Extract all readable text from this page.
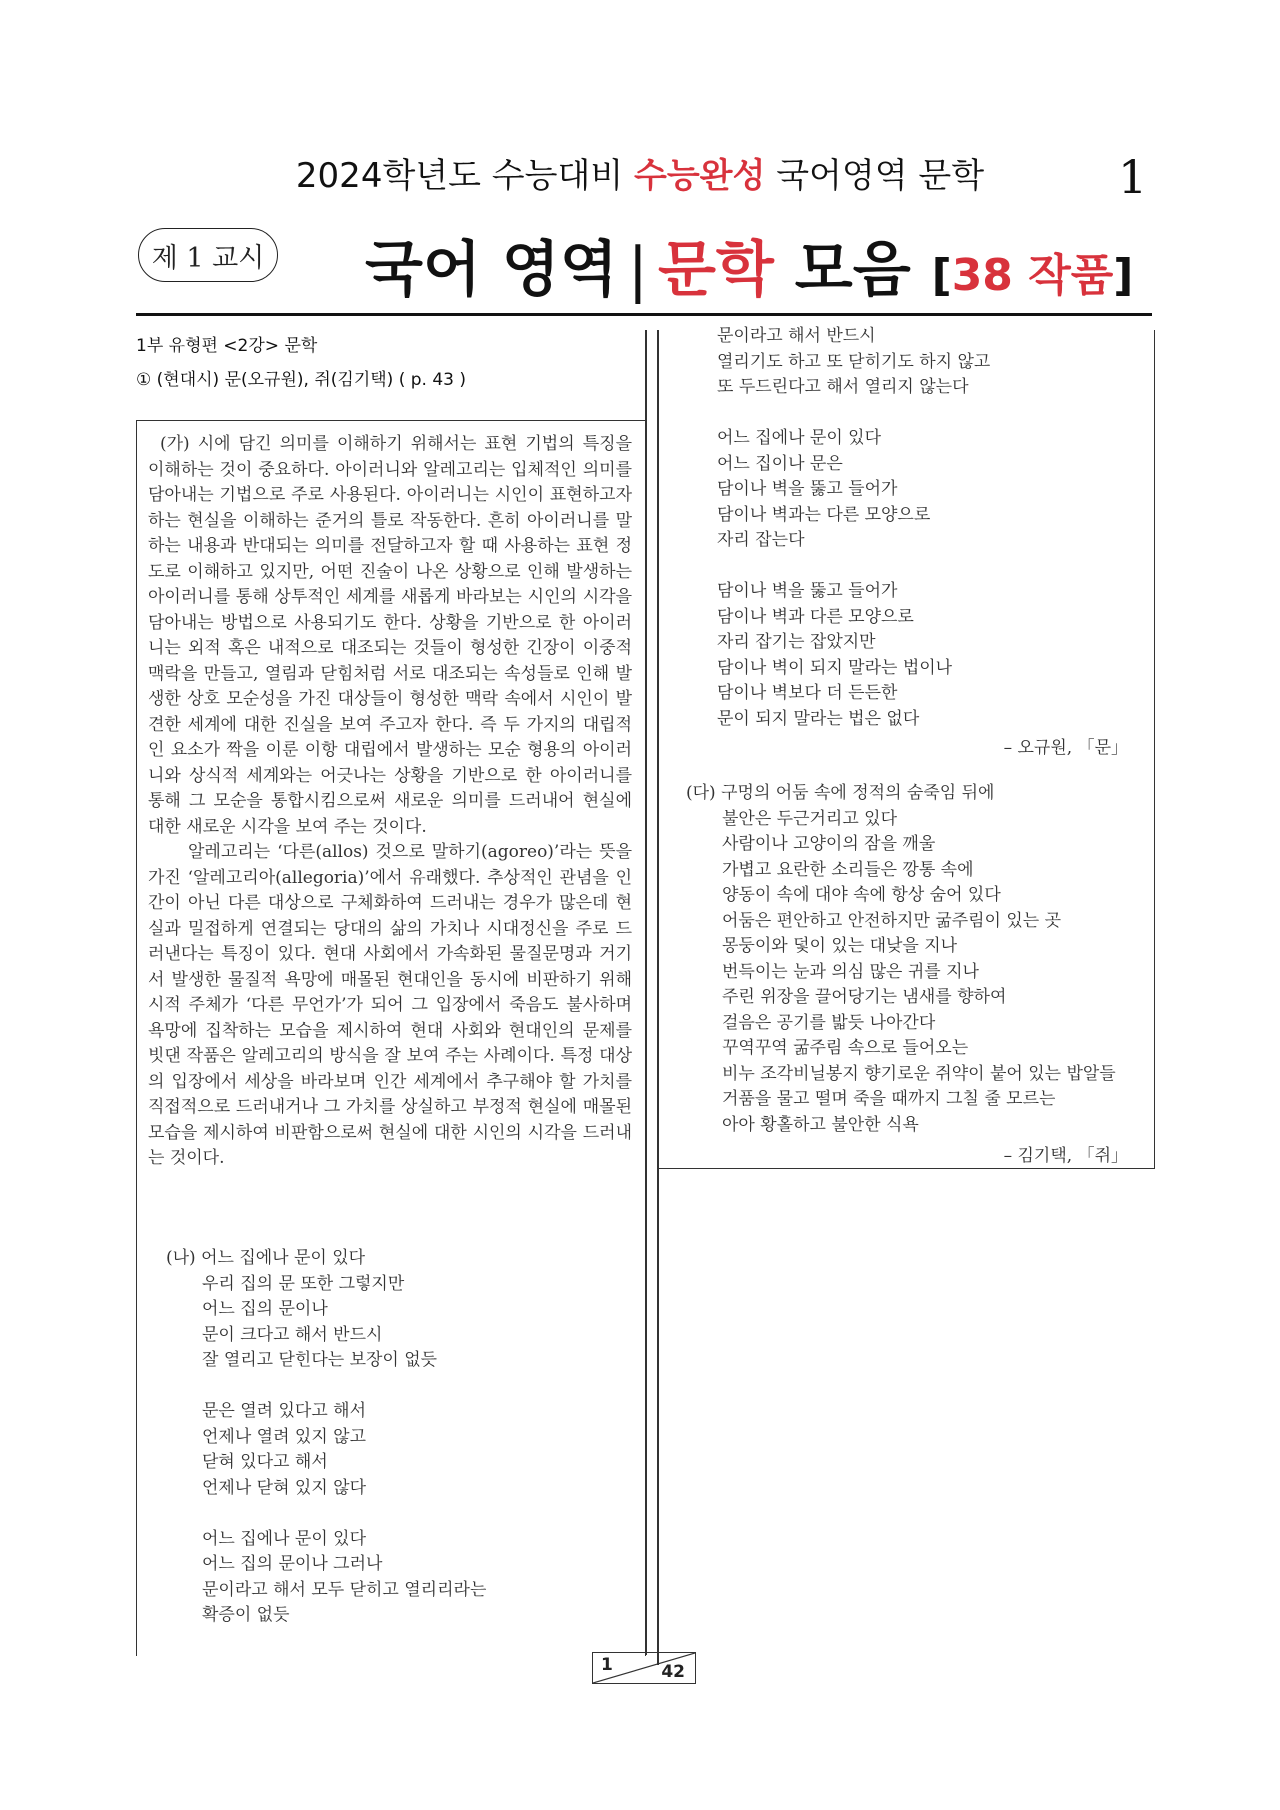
2024학년도 수능대비 수능완성 국어영역 문학	1
제 1 교시 국어 영역 | 문학 모음 [38 작품]
1부 유형편 <2강> 문학
① (현대시) 문(오규원), 쥐(김기택) ( p. 43 )

(가) 시에 담긴 의미를 이해하기 위해서는 표현 기법의 특징을 이해하는 것이 중요하다. 아이러니와 알레고리는 입체적인 의미를 담아내는 기법으로 주로 사용된다. 아이러니는 시인이 표현하고자 하는 현실을 이해하는 준거의 틀로 작동한다. 흔히 아이러니를 말하는 내용과 반대되는 의미를 전달하고자 할 때 사용하는 표현 정도로 이해하고 있지만, 어떤 진술이 나온 상황으로 인해 발생하는 아이러니를 통해 상투적인 세계를 새롭게 바라보는 시인의 시각을 담아내는 방법으로 사용되기도 한다. 상황을 기반으로 한 아이러니는 외적 혹은 내적으로 대조되는 것들이 형성한 긴장이 이중적 맥락을 만들고, 열림과 닫힘처럼 서로 대조되는 속성들로 인해 발생한 상호 모순성을 가진 대상들이 형성한 맥락 속에서 시인이 발견한 세계에 대한 진실을 보여 주고자 한다. 즉 두 가지의 대립적인 요소가 짝을 이룬 이항 대립에서 발생하는 모순 형용의 아이러니와 상식적 세계와는 어긋나는 상황을 기반으로 한 아이러니를 통해 그 모순을 통합시킴으로써 새로운 의미를 드러내어 현실에 대한 새로운 시각을 보여 주는 것이다.

알레고리는 ‘다른(allos) 것으로 말하기(agoreo)’라는 뜻을 가진 ‘알레고리아(allegoria)’에서 유래했다. 추상적인 관념을 인간이 아닌 다른 대상으로 구체화하여 드러내는 경우가 많은데 현실과 밀접하게 연결되는 당대의 삶의 가치나 시대정신을 주로 드러낸다는 특징이 있다. 현대 사회에서 가속화된 물질문명과 거기서 발생한 물질적 욕망에 매몰된 현대인을 동시에 비판하기 위해 시적 주체가 ‘다른 무언가’가 되어 그 입장에서 죽음도 불사하며 욕망에 집착하는 모습을 제시하여 현대 사회와 현대인의 문제를 빗댄 작품은 알레고리의 방식을 잘 보여 주는 사례이다. 특정 대상의 입장에서 세상을 바라보며 인간 세계에서 추구해야 할 가치를 직접적으로 드러내거나 그 가치를 상실하고 부정적 현실에 매몰된 모습을 제시하여 비판함으로써 현실에 대한 시인의 시각을 드러내는 것이다.

(나) 어느 집에나 문이 있다
우리 집의 문 또한 그렇지만
어느 집의 문이나
문이 크다고 해서 반드시
잘 열리고 닫힌다는 보장이 없듯
문은 열려 있다고 해서
언제나 열려 있지 않고
닫혀 있다고 해서
언제나 닫혀 있지 않다
어느 집에나 문이 있다
어느 집의 문이나 그러나
문이라고 해서 모두 닫히고 열리리라는
확증이 없듯
문이라고 해서 반드시
열리기도 하고 또 닫히기도 하지 않고
또 두드린다고 해서 열리지 않는다
어느 집에나 문이 있다
어느 집이나 문은
담이나 벽을 뚫고 들어가
담이나 벽과는 다른 모양으로
자리 잡는다
담이나 벽을 뚫고 들어가
담이나 벽과 다른 모양으로
자리 잡기는 잡았지만
담이나 벽이 되지 말라는 법이나
담이나 벽보다 더 든든한
문이 되지 말라는 법은 없다
– 오규원, 「문」
(다) 구멍의 어둠 속에 정적의 숨죽임 뒤에
불안은 두근거리고 있다
사람이나 고양이의 잠을 깨울
가볍고 요란한 소리들은 깡통 속에
양동이 속에 대야 속에 항상 숨어 있다
어둠은 편안하고 안전하지만 굶주림이 있는 곳
몽둥이와 덫이 있는 대낮을 지나
번득이는 눈과 의심 많은 귀를 지나
주린 위장을 끌어당기는 냄새를 향하여
걸음은 공기를 밟듯 나아간다
꾸역꾸역 굶주림 속으로 들어오는
비누 조각비닐봉지 향기로운 쥐약이 붙어 있는 밥알들
거품을 물고 떨며 죽을 때까지 그칠 줄 모르는
아아 황홀하고 불안한 식욕
– 김기택, 「쥐」
1	42
